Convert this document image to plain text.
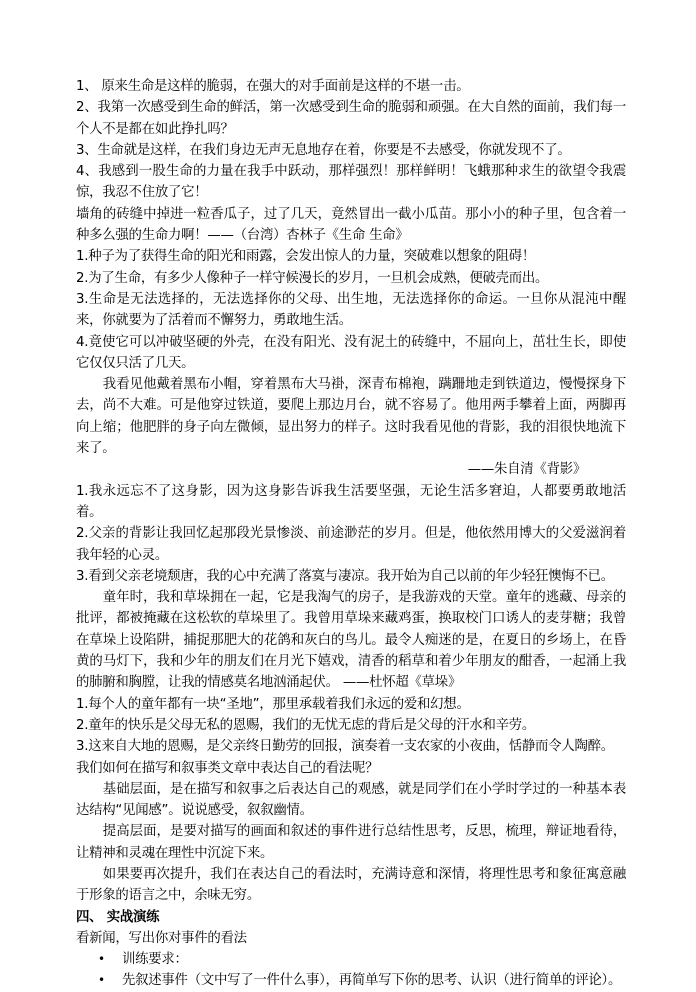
1、 原来生命是这样的脆弱，在强大的对手面前是这样的不堪一击。

2、我第一次感受到生命的鲜活，第一次感受到生命的脆弱和顽强。在大自然的面前，我们每一个人不是都在如此挣扎吗？

3、生命就是这样，在我们身边无声无息地存在着，你要是不去感受，你就发现不了。

4、我感到一股生命的力量在我手中跃动，那样强烈！那样鲜明！飞蛾那种求生的欲望令我震惊，我忍不住放了它！

墙角的砖缝中掉进一粒香瓜子，过了几天，竟然冒出一截小瓜苗。那小小的种子里，包含着一种多么强的生命力啊！——（台湾）杏林子《生命 生命》

1.种子为了获得生命的阳光和雨露，会发出惊人的力量，突破难以想象的阻碍！

2.为了生命，有多少人像种子一样守候漫长的岁月，一旦机会成熟，便破壳而出。

3.生命是无法选择的，无法选择你的父母、出生地，无法选择你的命运。一旦你从混沌中醒来，你就要为了活着而不懈努力，勇敢地生活。

4.竟使它可以冲破坚硬的外壳，在没有阳光、没有泥土的砖缝中，不屈向上，茁壮生长，即使它仅仅只活了几天。

我看见他戴着黑布小帽，穿着黑布大马褂，深青布棉袍，蹒跚地走到铁道边，慢慢探身下去，尚不大难。可是他穿过铁道，要爬上那边月台，就不容易了。他用两手攀着上面，两脚再向上缩；他肥胖的身子向左微倾，显出努力的样子。这时我看见他的背影，我的泪很快地流下来了。

——朱自清《背影》

1.我永远忘不了这身影，因为这身影告诉我生活要坚强，无论生活多窘迫，人都要勇敢地活着。

2.父亲的背影让我回忆起那段光景惨淡、前途渺茫的岁月。但是，他依然用博大的父爱滋润着我年轻的心灵。

3.看到父亲老境颓唐，我的心中充满了落寞与凄凉。我开始为自己以前的年少轻狂懊悔不已。

童年时，我和草垛拥在一起，它是我淘气的房子，是我游戏的天堂。童年的逃藏、母亲的批评，都被掩藏在这松软的草垛里了。我曾用草垛来藏鸡蛋，换取校门口诱人的麦芽糖；我曾在草垛上设陷阱，捕捉那肥大的花鸽和灰白的鸟儿。最令人痴迷的是，在夏日的乡场上，在昏黄的马灯下，我和少年的朋友们在月光下嬉戏，清香的稻草和着少年朋友的酣香，一起涌上我的肺腑和胸膛，让我的情感莫名地汹涌起伏。 ——杜怀超《草垛》

1.每个人的童年都有一块“圣地”，那里承载着我们永远的爱和幻想。

2.童年的快乐是父母无私的恩赐，我们的无忧无虑的背后是父母的汗水和辛劳。

3.这来自大地的恩赐，是父亲终日勤劳的回报，演奏着一支农家的小夜曲，恬静而令人陶醉。

我们如何在描写和叙事类文章中表达自己的看法呢？

基础层面，是在描写和叙事之后表达自己的观感，就是同学们在小学时学过的一种基本表达结构“见闻感”。说说感受，叙叙幽情。

提高层面，是要对描写的画面和叙述的事件进行总结性思考，反思，梳理，辩证地看待，让精神和灵魂在理性中沉淀下来。

如果要再次提升，我们在表达自己的看法时，充满诗意和深情，将理性思考和象征寓意融于形象的语言之中，余味无穷。

四、 实战演练

看新闻，写出你对事件的看法

• 训练要求：
• 先叙述事件（文中写了一件什么事），再简单写下你的思考、认识（进行简单的评论）。
